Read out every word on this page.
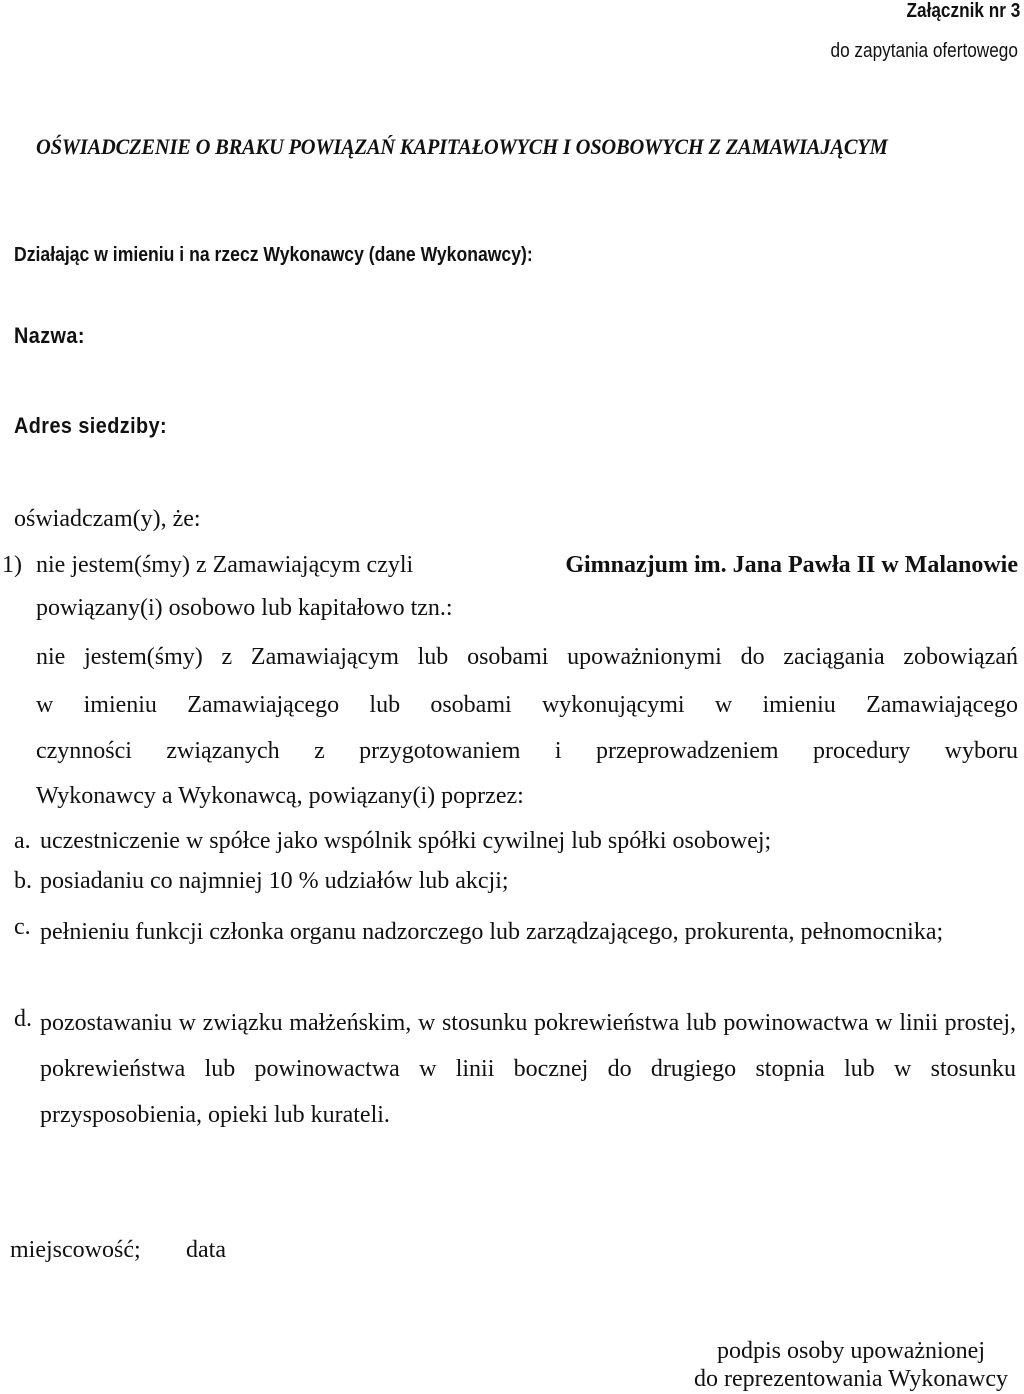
Załącznik nr 3
do zapytania ofertowego
OŚWIADCZENIE O BRAKU POWIĄZAŃ KAPITAŁOWYCH I OSOBOWYCH Z ZAMAWIAJĄCYM
Działając w imieniu i na rzecz Wykonawcy (dane Wykonawcy):
Nazwa:
Adres siedziby:
oświadczam(y), że:
1) nie jestem(śmy) z Zamawiającym czyli	Gimnazjum im. Jana Pawła II w Malanowie
powiązany(i) osobowo lub kapitałowo tzn.:
nie jestem(śmy) z Zamawiającym lub osobami upoważnionymi do zaciągania zobowiązań
w imieniu Zamawiającego lub osobami wykonującymi w imieniu Zamawiającego
czynności związanych z przygotowaniem i przeprowadzeniem procedury wyboru
Wykonawcy a Wykonawcą, powiązany(i) poprzez:
a. uczestniczenie w spółce jako wspólnik spółki cywilnej lub spółki osobowej;
b. posiadaniu co najmniej 10 % udziałów lub akcji;
c. pełnieniu funkcji członka organu nadzorczego lub zarządzającego, prokurenta, pełnomocnika;
d. pozostawaniu w związku małżeńskim, w stosunku pokrewieństwa lub powinowactwa w linii prostej, pokrewieństwa lub powinowactwa w linii bocznej do drugiego stopnia lub w stosunku przysposobienia, opieki lub kurateli.
miejscowość; data
podpis osoby upoważnionej
do reprezentowania Wykonawcy
